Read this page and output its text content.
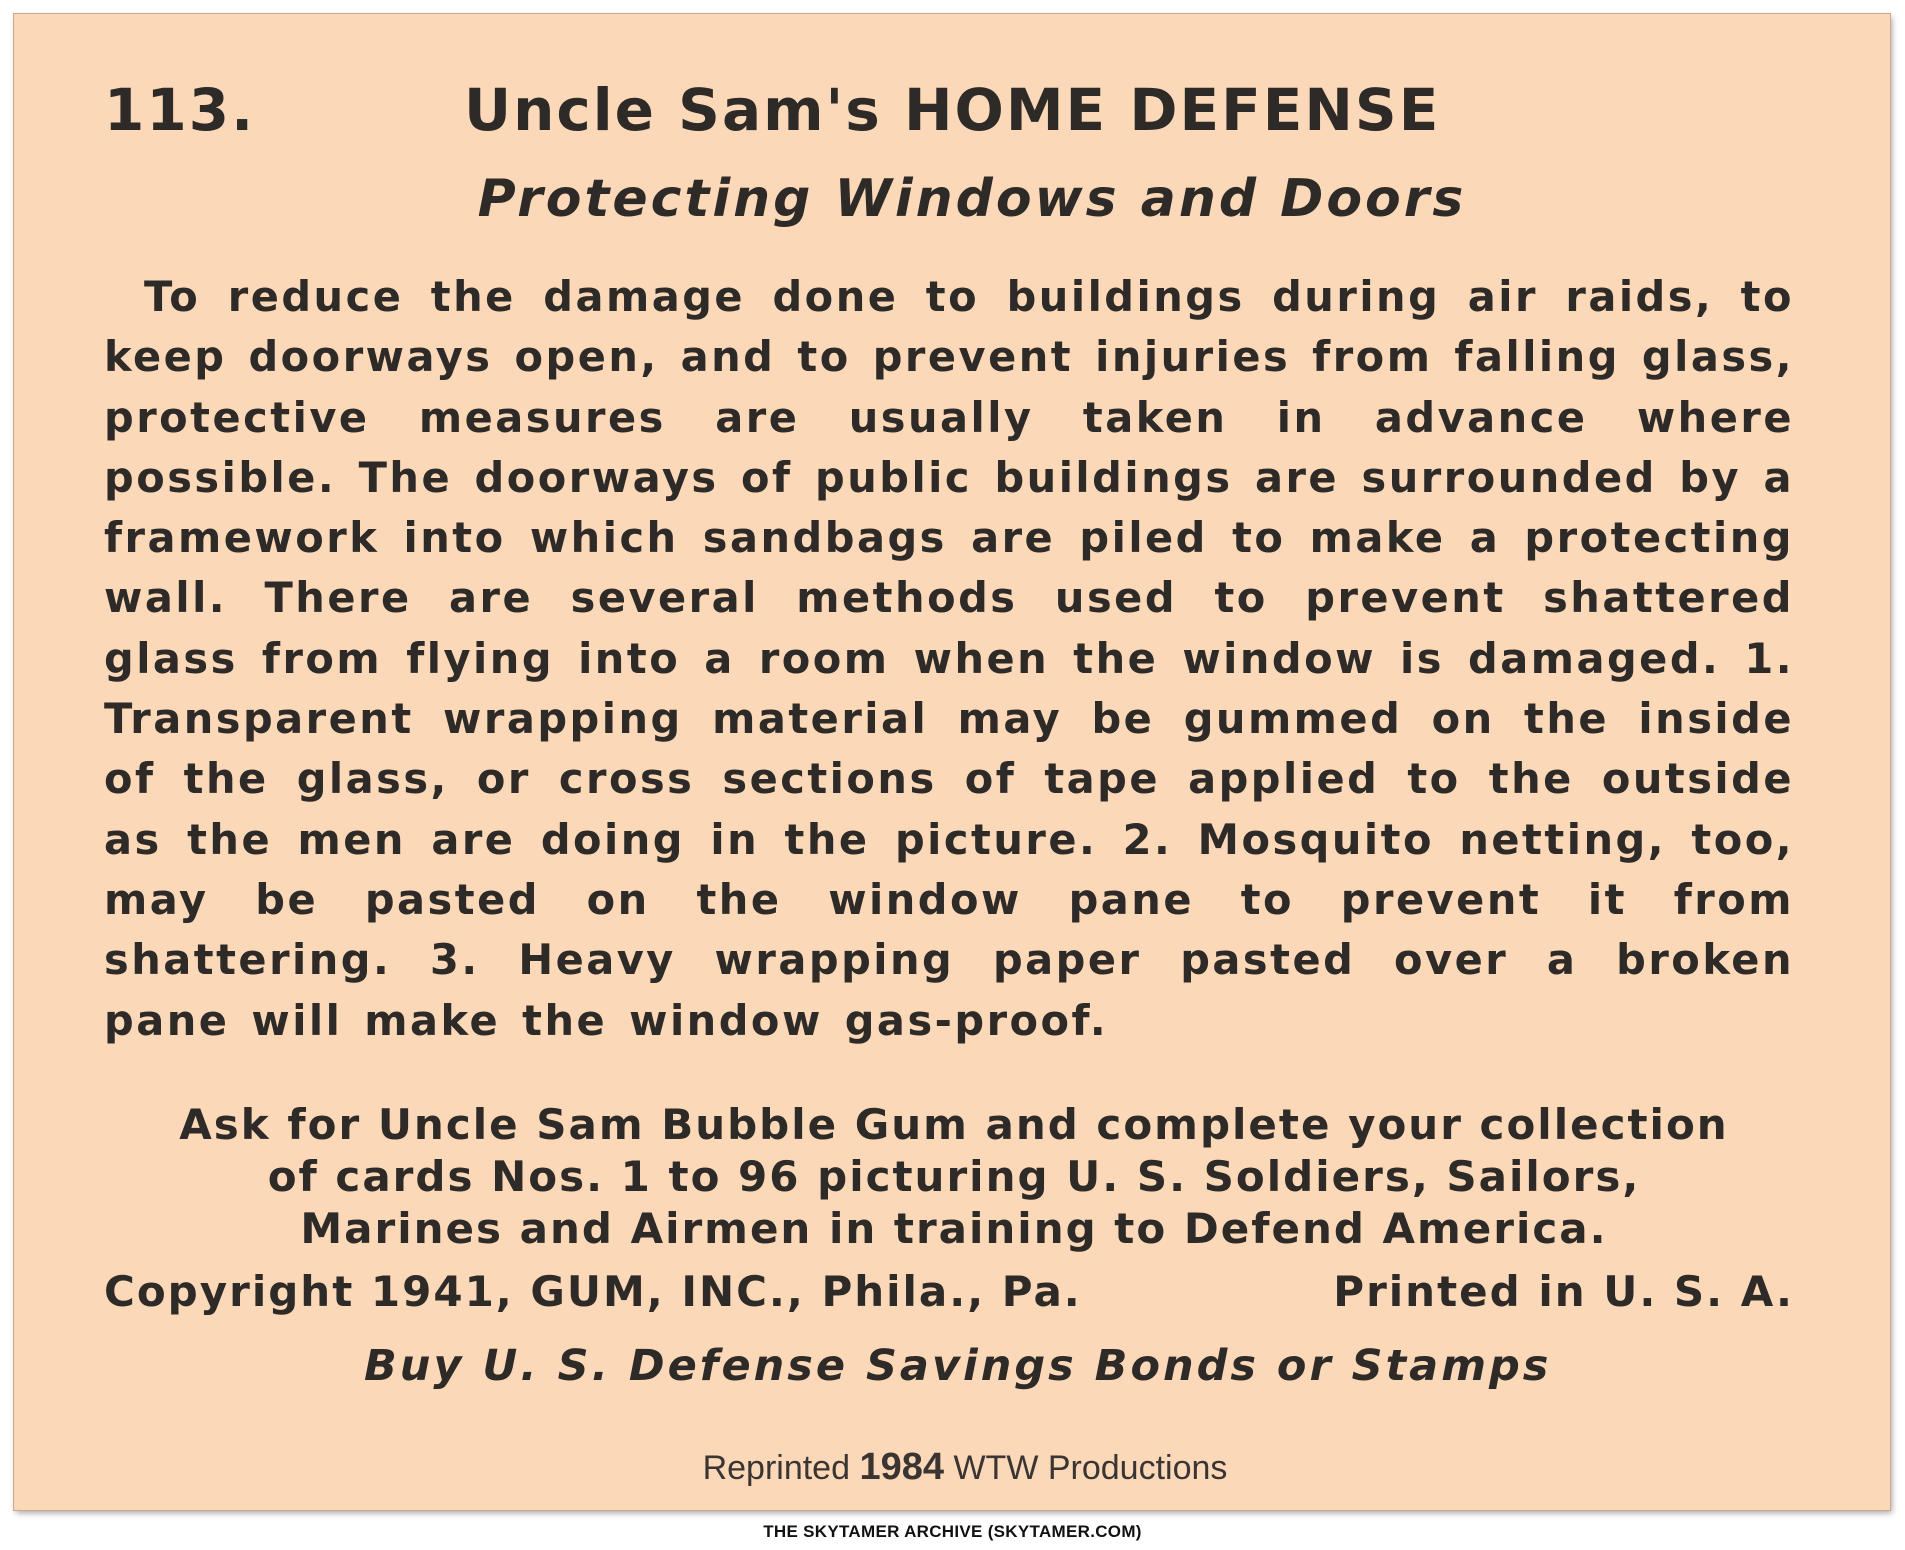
113.	Uncle Sam's HOME DEFENSE
Protecting Windows and Doors

To reduce the damage done to buildings during air raids, to keep doorways open, and to prevent injuries from falling glass, protective measures are usually taken in advance where possible. The doorways of public buildings are surrounded by a framework into which sandbags are piled to make a protecting wall. There are several methods used to prevent shattered glass from flying into a room when the window is damaged. 1. Transparent wrapping material may be gummed on the inside of the glass, or cross sections of tape applied to the outside as the men are doing in the picture. 2. Mosquito netting, too, may be pasted on the window pane to prevent it from shattering. 3. Heavy wrapping paper pasted over a broken pane will make the window gas-proof.

Ask for Uncle Sam Bubble Gum and complete your collection
of cards Nos. 1 to 96 picturing U. S. Soldiers, Sailors,
Marines and Airmen in training to Defend America.
Copyright 1941, GUM, INC., Phila., Pa.	Printed in U. S. A.
Buy U. S. Defense Savings Bonds or Stamps
Reprinted 1984 WTW Productions
THE SKYTAMER ARCHIVE (SKYTAMER.COM)
